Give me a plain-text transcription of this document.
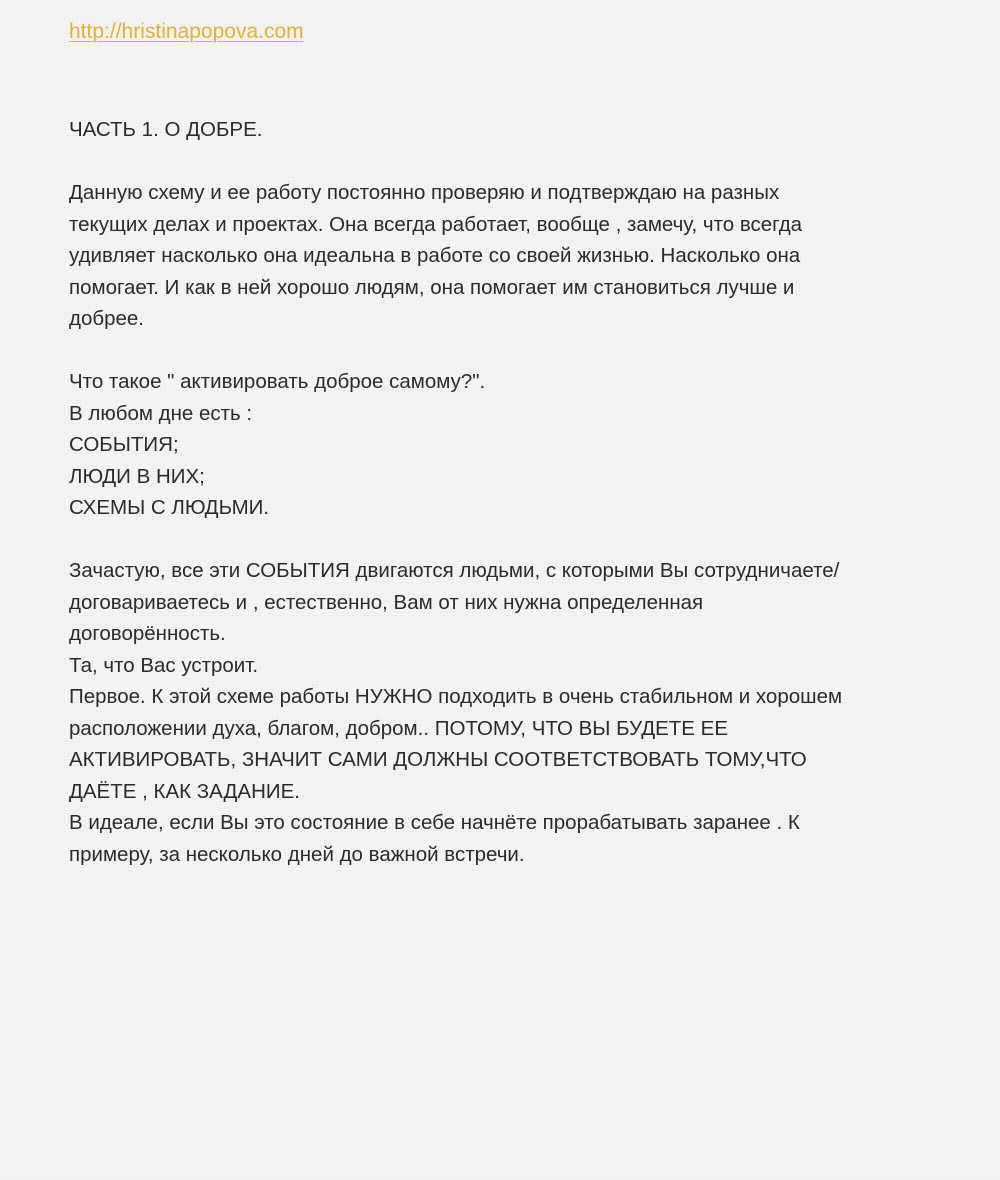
http://hristinapopova.com
ЧАСТЬ 1. О ДОБРЕ.
Данную схему и ее работу постоянно проверяю и подтверждаю на разных
текущих делах и проектах. Она всегда работает, вообще , замечу, что всегда
удивляет насколько она идеальна в работе со своей жизнью. Насколько она
помогает. И как в ней хорошо людям, она помогает им становиться лучше и
добрее.
Что такое " активировать доброе самому?".
В любом дне есть :
СОБЫТИЯ;
ЛЮДИ В НИХ;
СХЕМЫ С ЛЮДЬМИ.
Зачастую, все эти СОБЫТИЯ двигаются людьми, с которыми Вы сотрудничаете/
договариваетесь и , естественно, Вам от них нужна определенная
договорённость.
Та, что Вас устроит.
Первое. К этой схеме работы НУЖНО подходить в очень стабильном и хорошем
расположении духа, благом, добром.. ПОТОМУ, ЧТО ВЫ БУДЕТЕ ЕЕ
АКТИВИРОВАТЬ, ЗНАЧИТ САМИ ДОЛЖНЫ СООТВЕТСТВОВАТЬ ТОМУ,ЧТО
ДАЁТЕ , КАК ЗАДАНИЕ.
В идеале, если Вы это состояние в себе начнёте прорабатывать заранее . К
примеру, за несколько дней до важной встречи.
